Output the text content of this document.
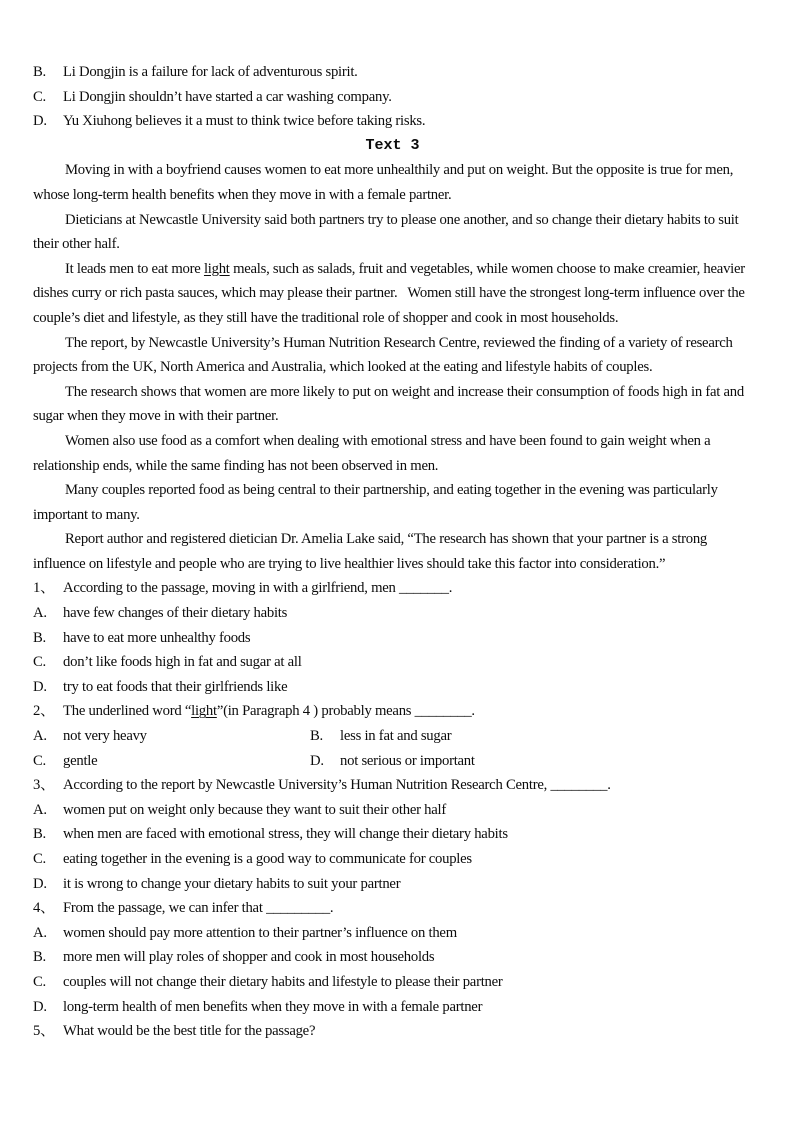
B.	Li Dongjin is a failure for lack of adventurous spirit.
C.	Li Dongjin shouldn’t have started a car washing company.
D.	Yu Xiuhong believes it a must to think twice before taking risks.
Text 3

Moving in with a boyfriend causes women to eat more unhealthily and put on weight. But the opposite is true for men, whose long-term health benefits when they move in with a female partner.

Dieticians at Newcastle University said both partners try to please one another, and so change their dietary habits to suit their other half.

It leads men to eat more light meals, such as salads, fruit and vegetables, while women choose to make creamier, heavier dishes curry or rich pasta sauces, which may please their partner.   Women still have the strongest long-term influence over the couple’s diet and lifestyle, as they still have the traditional role of shopper and cook in most households.

The report, by Newcastle University’s Human Nutrition Research Centre, reviewed the finding of a variety of research projects from the UK, North America and Australia, which looked at the eating and lifestyle habits of couples.

The research shows that women are more likely to put on weight and increase their consumption of foods high in fat and sugar when they move in with their partner.

Women also use food as a comfort when dealing with emotional stress and have been found to gain weight when a relationship ends, while the same finding has not been observed in men.

Many couples reported food as being central to their partnership, and eating together in the evening was particularly important to many.

Report author and registered dietician Dr. Amelia Lake said, “The research has shown that your partner is a strong influence on lifestyle and people who are trying to live healthier lives should take this factor into consideration.”

1、 According to the passage, moving in with a girlfriend, men _______.
A.	have few changes of their dietary habits
B.	have to eat more unhealthy foods
C.	don’t like foods high in fat and sugar at all
D.	try to eat foods that their girlfriends like
2、 The underlined word “light”(in Paragraph 4 ) probably means ________.
A.	not very heavy	B.	less in fat and sugar
C.	gentle	D.	not serious or important
3、 According to the report by Newcastle University’s Human Nutrition Research Centre, ________.
A.	women put on weight only because they want to suit their other half
B.	when men are faced with emotional stress, they will change their dietary habits
C.	eating together in the evening is a good way to communicate for couples
D.	it is wrong to change your dietary habits to suit your partner
4、 From the passage, we can infer that _________.
A.	women should pay more attention to their partner’s influence on them
B.	more men will play roles of shopper and cook in most households
C.	couples will not change their dietary habits and lifestyle to please their partner
D.	long-term health of men benefits when they move in with a female partner
5、 What would be the best title for the passage?
